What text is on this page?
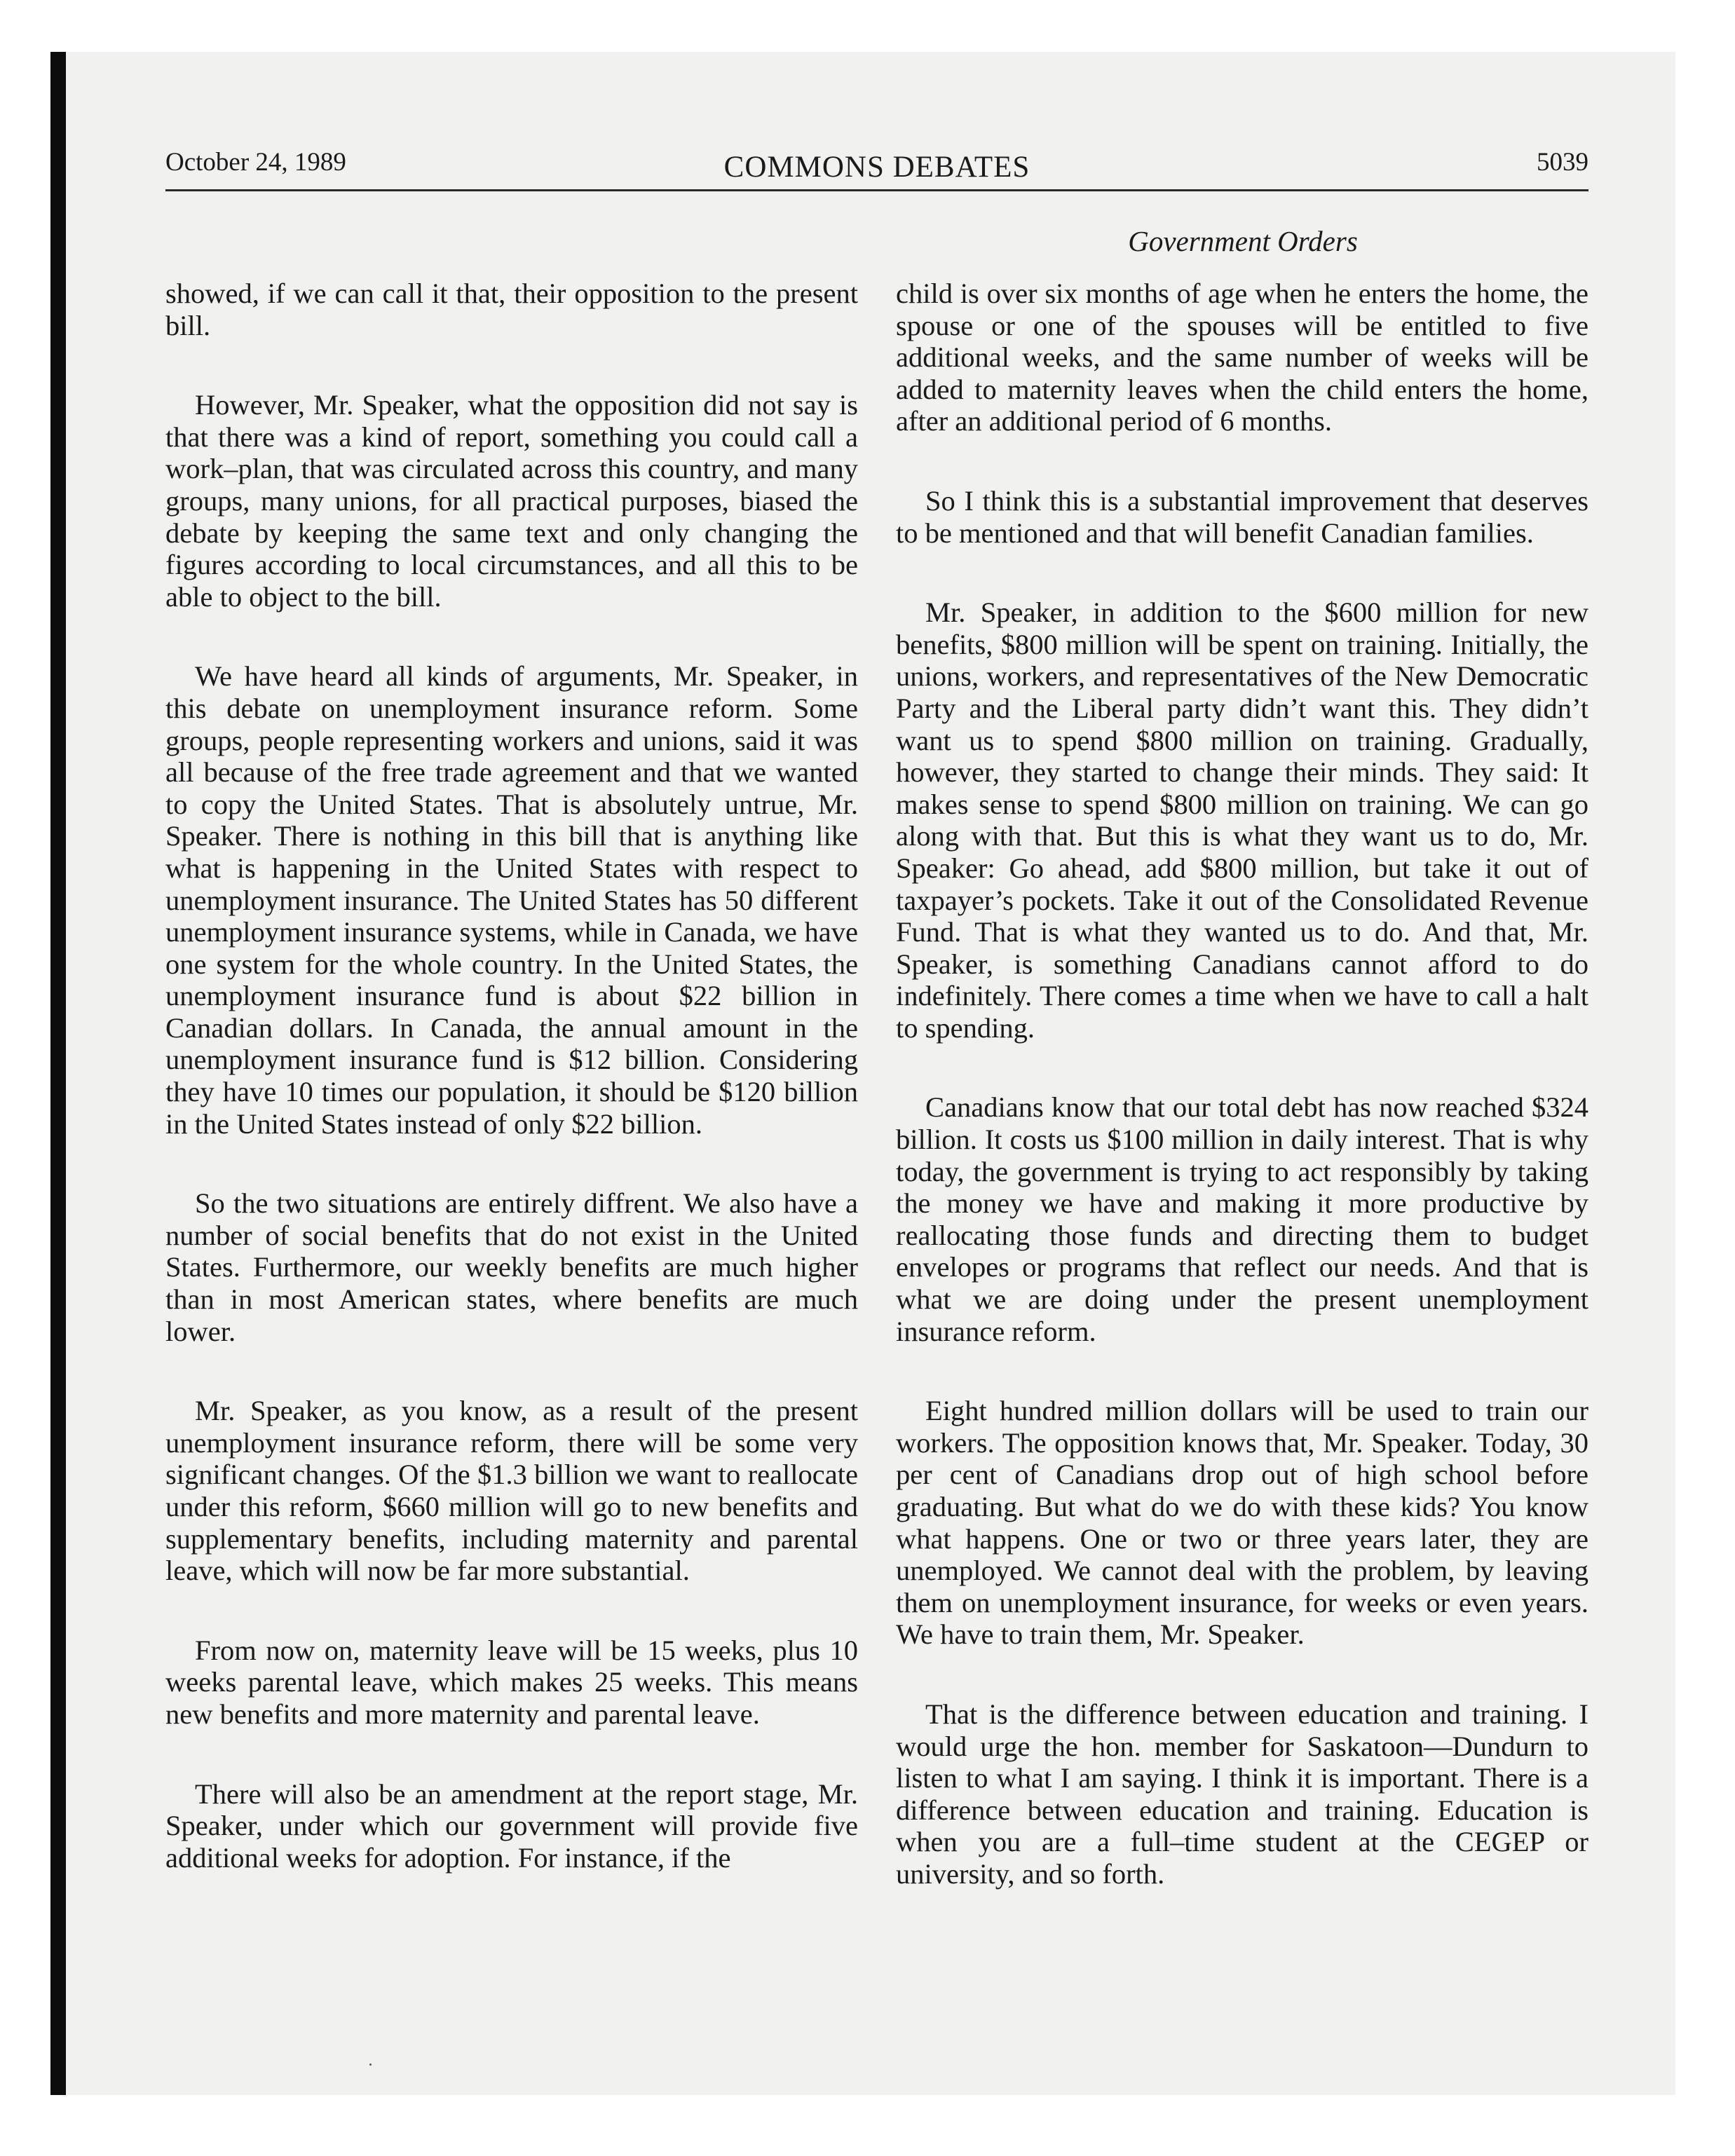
October 24, 1989	COMMONS DEBATES	5039
Government Orders

showed, if we can call it that, their opposition to the present bill.

However, Mr. Speaker, what the opposition did not say is that there was a kind of report, something you could call a work–plan, that was circulated across this country, and many groups, many unions, for all practical purposes, biased the debate by keeping the same text and only changing the figures according to local circumstances, and all this to be able to object to the bill.

We have heard all kinds of arguments, Mr. Speaker, in this debate on unemployment insurance reform. Some groups, people representing workers and unions, said it was all because of the free trade agreement and that we wanted to copy the United States. That is absolutely untrue, Mr. Speaker. There is nothing in this bill that is anything like what is happening in the United States with respect to unemployment insurance. The United States has 50 different unemployment insurance systems, while in Canada, we have one system for the whole country. In the United States, the unemployment insurance fund is about $22 billion in Canadian dollars. In Canada, the annual amount in the unemployment insurance fund is $12 billion. Considering they have 10 times our population, it should be $120 billion in the United States instead of only $22 billion.

So the two situations are entirely diffrent. We also have a number of social benefits that do not exist in the United States. Furthermore, our weekly benefits are much higher than in most American states, where benefits are much lower.

Mr. Speaker, as you know, as a result of the present unemployment insurance reform, there will be some very significant changes. Of the $1.3 billion we want to reallocate under this reform, $660 million will go to new benefits and supplementary benefits, including maternity and parental leave, which will now be far more substantial.

From now on, maternity leave will be 15 weeks, plus 10 weeks parental leave, which makes 25 weeks. This means new benefits and more maternity and parental leave.

There will also be an amendment at the report stage, Mr. Speaker, under which our government will provide five additional weeks for adoption. For instance, if the

child is over six months of age when he enters the home, the spouse or one of the spouses will be entitled to five additional weeks, and the same number of weeks will be added to maternity leaves when the child enters the home, after an additional period of 6 months.

So I think this is a substantial improvement that deserves to be mentioned and that will benefit Canadian families.

Mr. Speaker, in addition to the $600 million for new benefits, $800 million will be spent on training. Initially, the unions, workers, and representatives of the New Democratic Party and the Liberal party didn’t want this. They didn’t want us to spend $800 million on training. Gradually, however, they started to change their minds. They said: It makes sense to spend $800 million on training. We can go along with that. But this is what they want us to do, Mr. Speaker: Go ahead, add $800 million, but take it out of taxpayer’s pockets. Take it out of the Consolidated Revenue Fund. That is what they wanted us to do. And that, Mr. Speaker, is something Canadians cannot afford to do indefinitely. There comes a time when we have to call a halt to spending.

Canadians know that our total debt has now reached $324 billion. It costs us $100 million in daily interest. That is why today, the government is trying to act responsibly by taking the money we have and making it more productive by reallocating those funds and directing them to budget envelopes or programs that reflect our needs. And that is what we are doing under the present unemployment insurance reform.

Eight hundred million dollars will be used to train our workers. The opposition knows that, Mr. Speaker. Today, 30 per cent of Canadians drop out of high school before graduating. But what do we do with these kids? You know what happens. One or two or three years later, they are unemployed. We cannot deal with the problem, by leaving them on unemployment insurance, for weeks or even years. We have to train them, Mr. Speaker.

That is the difference between education and training. I would urge the hon. member for Saskatoon—Dundurn to listen to what I am saying. I think it is important. There is a difference between education and training. Education is when you are a full–time student at the CEGEP or university, and so forth.
